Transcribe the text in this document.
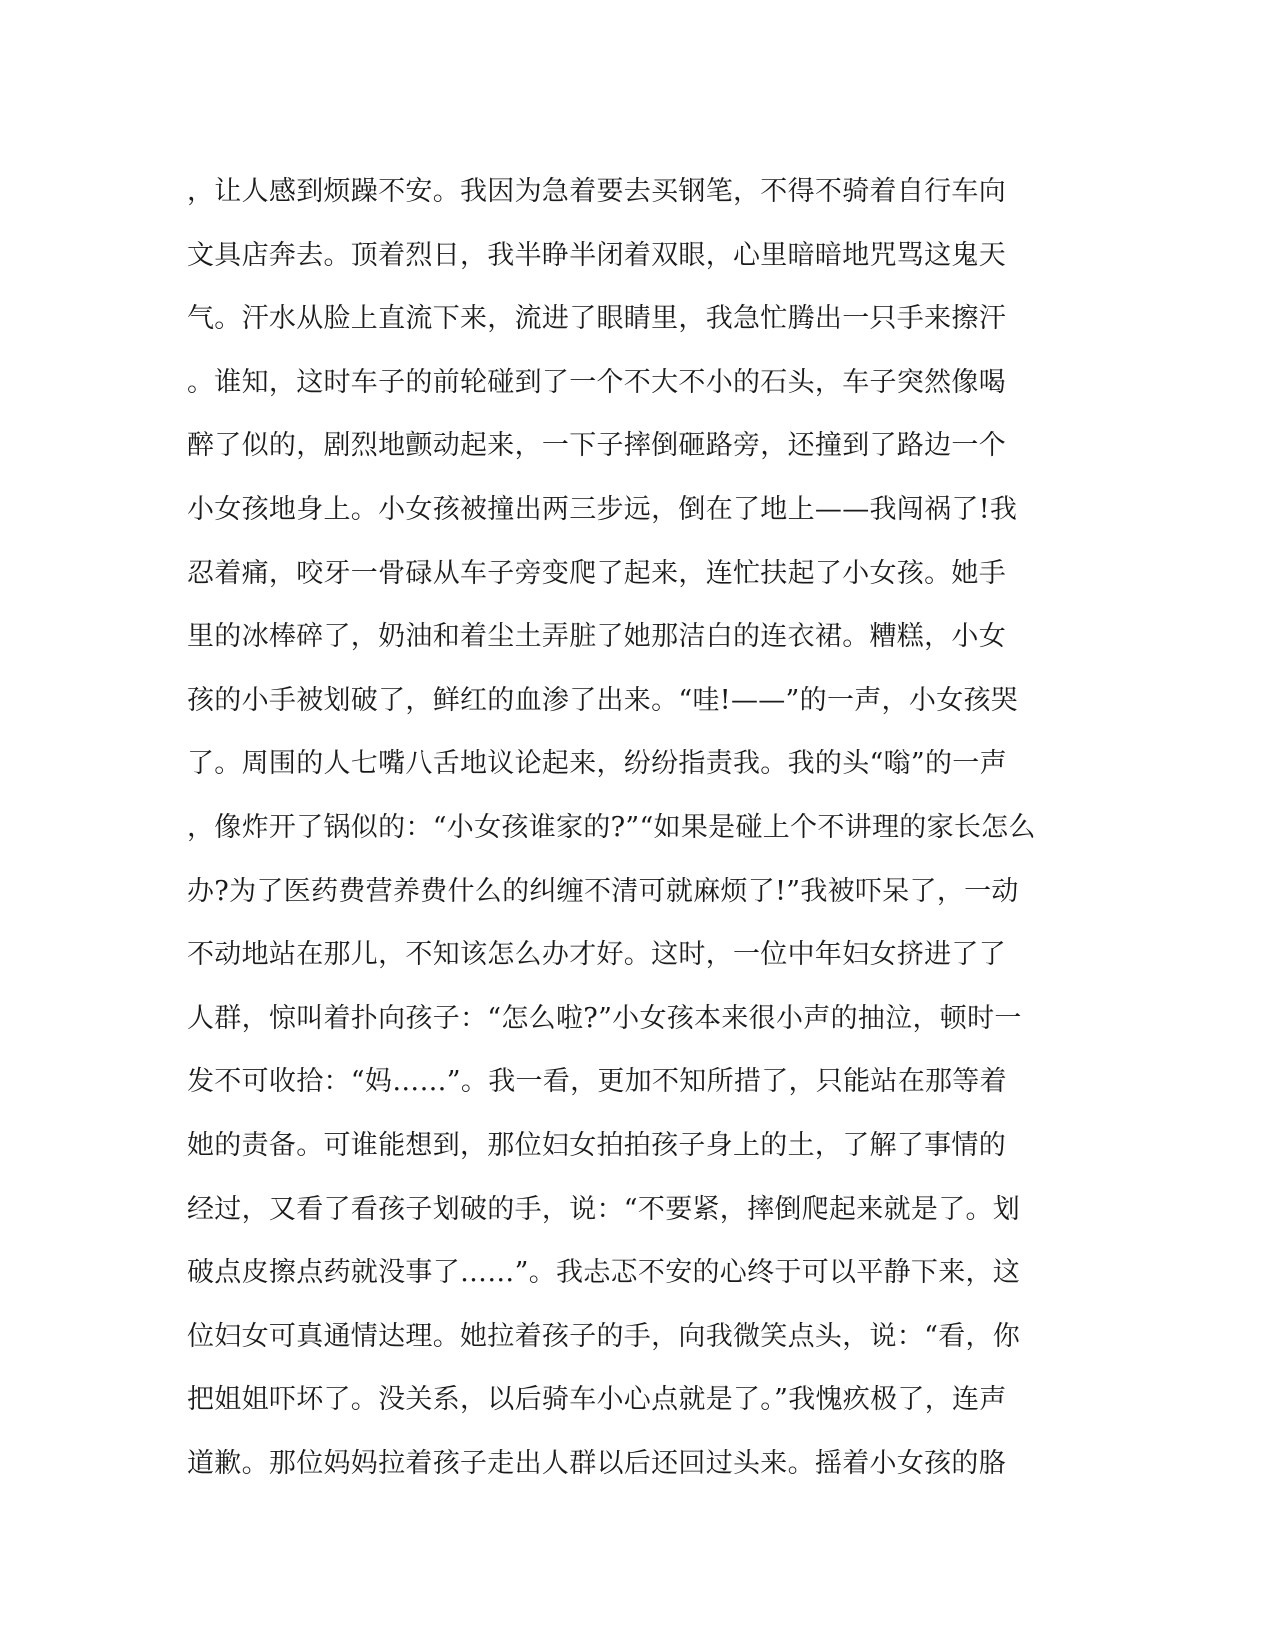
，让人感到烦躁不安。我因为急着要去买钢笔，不得不骑着自行车向
文具店奔去。顶着烈日，我半睁半闭着双眼，心里暗暗地咒骂这鬼天
气。汗水从脸上直流下来，流进了眼睛里，我急忙腾出一只手来擦汗
。谁知，这时车子的前轮碰到了一个不大不小的石头，车子突然像喝
醉了似的，剧烈地颤动起来，一下子摔倒砸路旁，还撞到了路边一个
小女孩地身上。小女孩被撞出两三步远，倒在了地上——我闯祸了!我
忍着痛，咬牙一骨碌从车子旁变爬了起来，连忙扶起了小女孩。她手
里的冰棒碎了，奶油和着尘土弄脏了她那洁白的连衣裙。糟糕，小女
孩的小手被划破了，鲜红的血渗了出来。“哇!——”的一声，小女孩哭
了。周围的人七嘴八舌地议论起来，纷纷指责我。我的头“嗡”的一声
，像炸开了锅似的：“小女孩谁家的?”“如果是碰上个不讲理的家长怎么
办?为了医药费营养费什么的纠缠不清可就麻烦了!”我被吓呆了，一动
不动地站在那儿，不知该怎么办才好。这时，一位中年妇女挤进了了
人群，惊叫着扑向孩子：“怎么啦?”小女孩本来很小声的抽泣，顿时一
发不可收拾：“妈……”。我一看，更加不知所措了，只能站在那等着
她的责备。可谁能想到，那位妇女拍拍孩子身上的土，了解了事情的
经过，又看了看孩子划破的手，说：“不要紧，摔倒爬起来就是了。划
破点皮擦点药就没事了……”。我忐忑不安的心终于可以平静下来，这
位妇女可真通情达理。她拉着孩子的手，向我微笑点头，说：“看，你
把姐姐吓坏了。没关系，以后骑车小心点就是了。”我愧疚极了，连声
道歉。那位妈妈拉着孩子走出人群以后还回过头来。摇着小女孩的胳
